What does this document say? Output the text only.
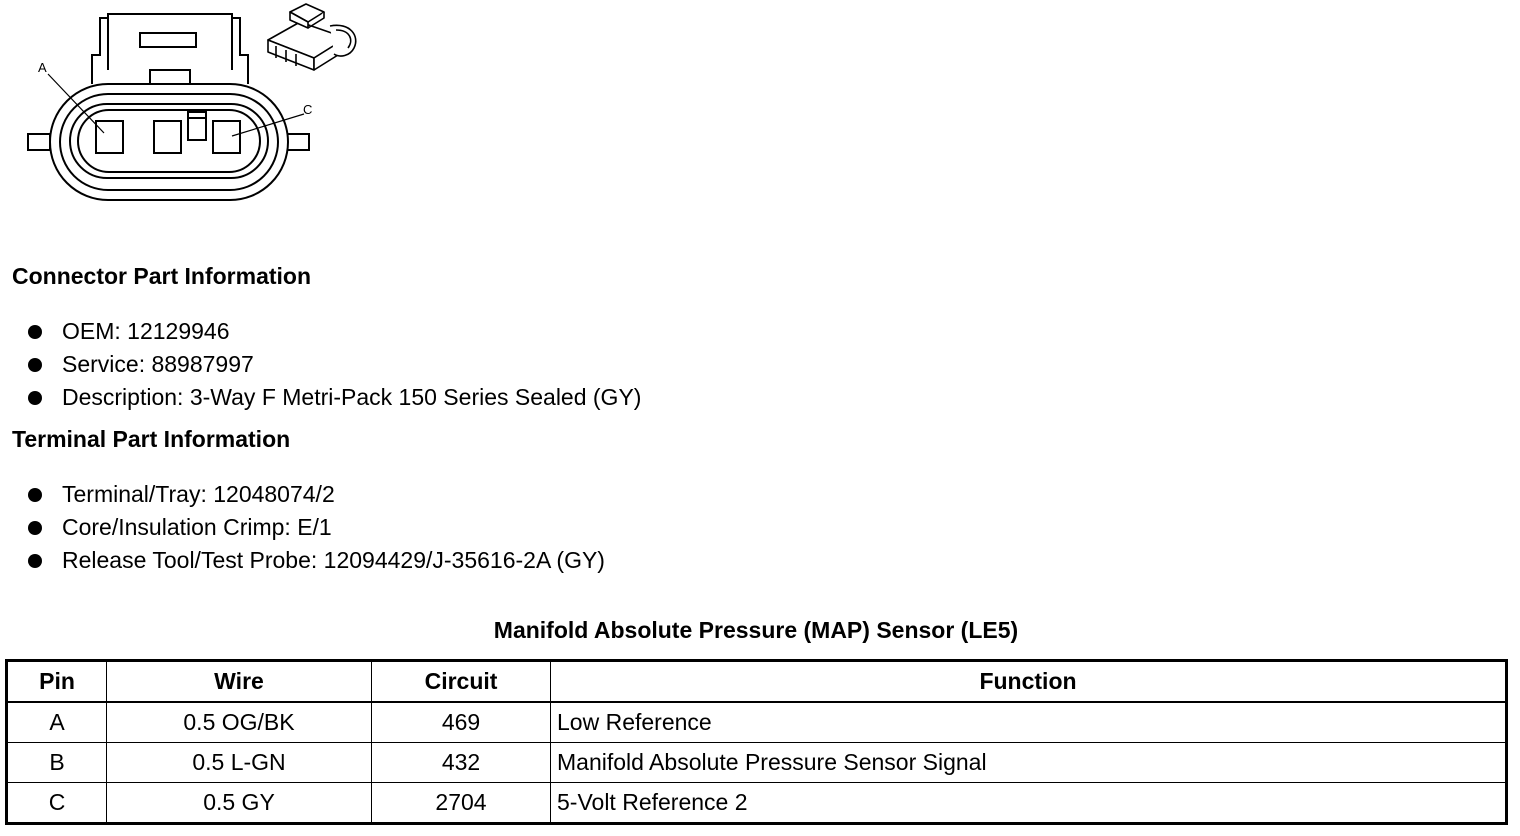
A
C
Connector Part Information
OEM: 12129946
Service: 88987997
Description: 3-Way F Metri-Pack 150 Series Sealed (GY)
Terminal Part Information
Terminal/Tray: 12048074/2
Core/Insulation Crimp: E/1
Release Tool/Test Probe: 12094429/J-35616-2A (GY)
Manifold Absolute Pressure (MAP) Sensor (LE5)
Pin	Wire	Circuit	Function
A	0.5 OG/BK	469	Low Reference
B	0.5 L-GN	432	Manifold Absolute Pressure Sensor Signal
C	0.5 GY	2704	5-Volt Reference 2
